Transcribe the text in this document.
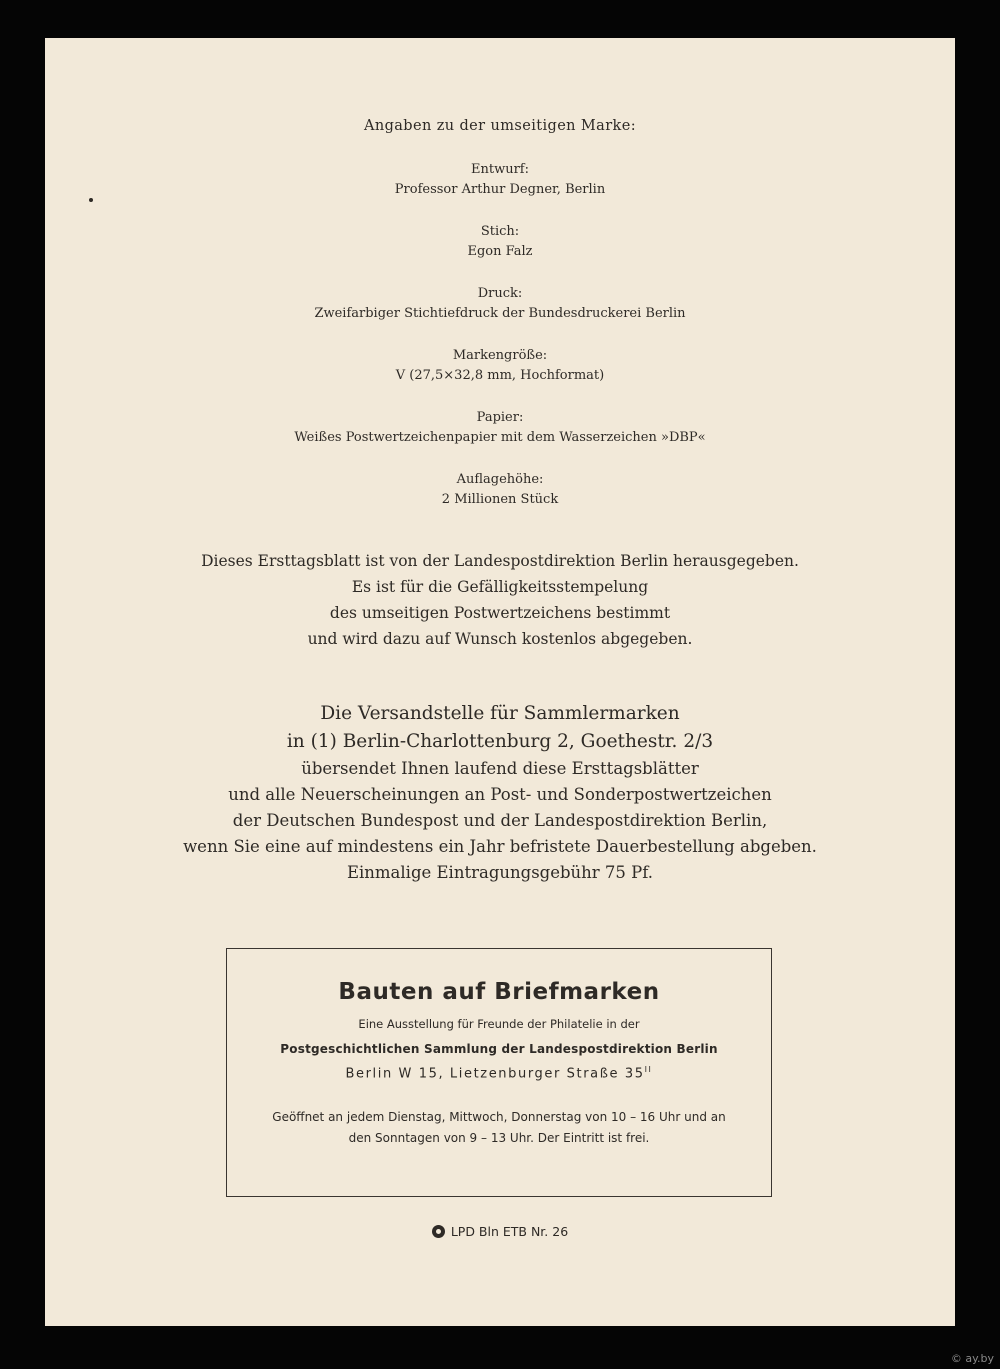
Angaben zu der umseitigen Marke:
Entwurf:
Professor Arthur Degner, Berlin
Stich:
Egon Falz
Druck:
Zweifarbiger Stichtiefdruck der Bundesdruckerei Berlin
Markengröße:
V (27,5×32,8 mm, Hochformat)
Papier:
Weißes Postwertzeichenpapier mit dem Wasserzeichen »DBP«
Auflagehöhe:
2 Millionen Stück

Dieses Ersttagsblatt ist von der Landespostdirektion Berlin herausgegeben.

Es ist für die Gefälligkeitsstempelung

des umseitigen Postwertzeichens bestimmt

und wird dazu auf Wunsch kostenlos abgegeben.

Die Versandstelle für Sammlermarken

in (1) Berlin-Charlottenburg 2, Goethestr. 2/3

übersendet Ihnen laufend diese Ersttagsblätter

und alle Neuerscheinungen an Post- und Sonderpostwertzeichen

der Deutschen Bundespost und der Landespostdirektion Berlin,

wenn Sie eine auf mindestens ein Jahr befristete Dauerbestellung abgeben.

Einmalige Eintragungsgebühr 75 Pf.

Bauten auf Briefmarken
Eine Ausstellung für Freunde der Philatelie in der
Postgeschichtlichen Sammlung der Landespostdirektion Berlin
Berlin W 15, Lietzenburger Straße $35^{II}$
Geöffnet an jedem Dienstag, Mittwoch, Donnerstag von 10 – 16 Uhr und an
den Sonntagen von 9 – 13 Uhr. Der Eintritt ist frei.
LPD Bln ETB Nr. 26
© ay.by
